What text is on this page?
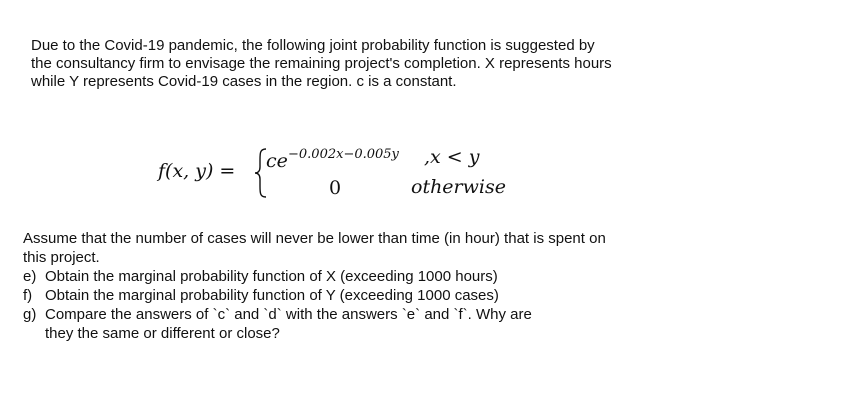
Due to the Covid-19 pandemic, the following joint probability function is suggested by

the consultancy firm to envisage the remaining project's completion. X represents hours

while Y represents Covid-19 cases in the region. c is a constant.

f(x, y) = ce −0.002x−0.005y ,x < y
0	otherwise

Assume that the number of cases will never be lower than time (in hour) that is spent on

this project.

e) Obtain the marginal probability function of X (exceeding 1000 hours)
f) Obtain the marginal probability function of Y (exceeding 1000 cases)
g) Compare the answers of `c` and `d` with the answers `e` and `f`. Why are
they the same or different or close?
